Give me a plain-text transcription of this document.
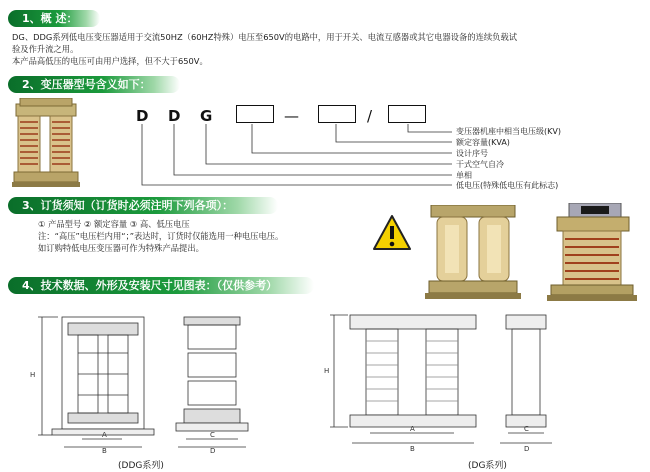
1、概 述：
DG、DDG系列低电压变压器适用于交流50HZ（60HZ特殊）电压至650V的电路中，用于开关、电流互感器或其它电器设备的连续负载试
验及作升流之用。
本产品高低压的电压可由用户选择，但不大于650V。
2、变压器型号含义如下：
D D G	—	/
变压器机座中相当电压级(KV)
额定容量(KVA)
设计序号
干式空气自冷
单相
低电压(特殊低电压有此标志)
3、订货须知（订货时必须注明下列各项）：
① 产品型号 ② 额定容量 ③ 高、低压电压
注：“高压”电压栏内用“；”表达时，订货时仅能选用一种电压电压。
如订购特低电压变压器可作为特殊产品提出。
4、技术数据、外形及安装尺寸见图表：（仅供参考）
A
B
C
D
H
(DDG系列)
A
B
C
D
H
(DG系列)
